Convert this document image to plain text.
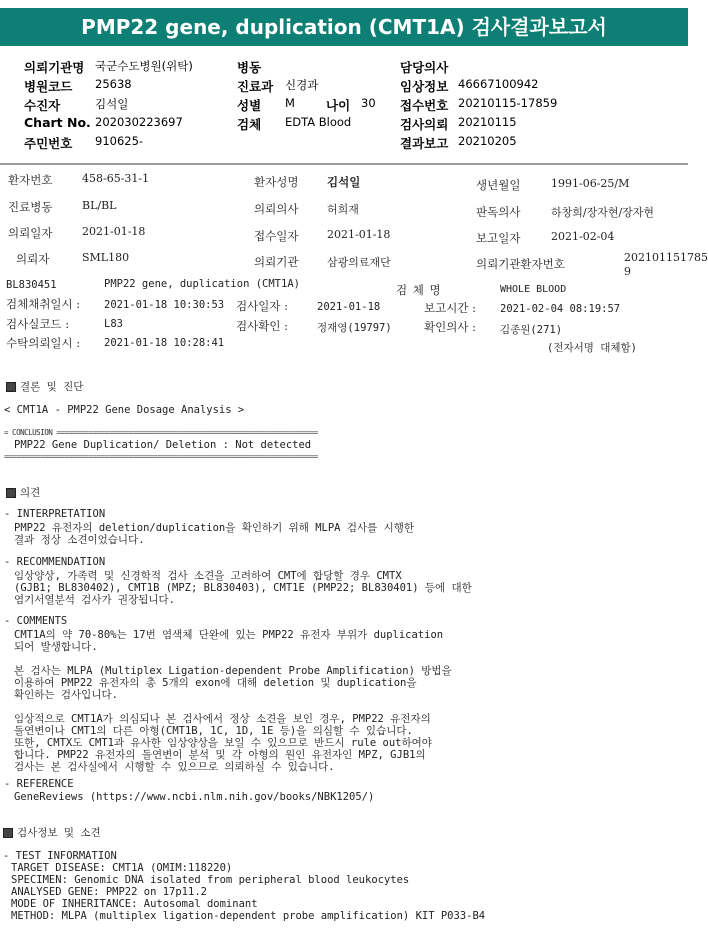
PMP22 gene, duplication (CMT1A) 검사결과보고서
의뢰기관명 국군수도병원(위탁)
병원코드 25638
수진자	김석일
Chart No. 202030223697
주민번호 910625-
병동
진료과 신경과
성별 M 나이 30
검체 EDTA Blood
담당의사
임상정보 46667100942
접수번호 20210115-17859
검사의뢰 20210115
결과보고 20210205
환자번호	458-65-31-1	환자성명 김석일	생년월일	1991-06-25/M
진료병동	BL/BL	의뢰의사	허희재	판독의사	하창희/장자현/장자현
의뢰일자	2021-01-18	접수일자	2021-01-18	보고일자	2021-02-04
의뢰자	SML180	의뢰기관	삼광의료재단	의뢰기관환자번호	202101151785
9
BL830451	PMP22 gene, duplication (CMT1A)	검 체 명	WHOLE BLOOD
검체채취일시 : 2021-01-18 10:30:53 검사일자 :	2021-01-18	보고시간 : 2021-02-04 08:19:57
검사실코드 :	L83	검사확인 :	정재영(19797)	확인의사 : 김종원(271)
수탁의뢰일시 : 2021-01-18 10:28:41	(전자서명 대체함)
결론 및 진단
< CMT1A - PMP22 Gene Dosage Analysis >
= CONCLUSION =================================================================
PMP22 Gene Duplication/ Deletion : Not detected
==============================================================================
의견
- INTERPRETATION
PMP22 유전자의 deletion/duplication을 확인하기 위해 MLPA 검사를 시행한
결과 정상 소견이었습니다.
- RECOMMENDATION
임상양상, 가족력 및 신경학적 검사 소견을 고려하여 CMT에 합당할 경우 CMTX
(GJB1; BL830402), CMT1B (MPZ; BL830403), CMT1E (PMP22; BL830401) 등에 대한
염기서열분석 검사가 권장됩니다.
- COMMENTS
CMT1A의 약 70-80%는 17번 염색체 단완에 있는 PMP22 유전자 부위가 duplication
되어 발생합니다.
본 검사는 MLPA (Multiplex Ligation-dependent Probe Amplification) 방법을
이용하여 PMP22 유전자의 총 5개의 exon에 대해 deletion 및 duplication을
확인하는 검사입니다.
임상적으로 CMT1A가 의심되나 본 검사에서 정상 소견을 보인 경우, PMP22 유전자의
돌연변이나 CMT1의 다른 아형(CMT1B, 1C, 1D, 1E 등)을 의심할 수 있습니다.
또한, CMTX도 CMT1과 유사한 임상양상을 보일 수 있으므로 반드시 rule out하여야
합니다. PMP22 유전자의 돌연변이 분석 및 각 아형의 원인 유전자인 MPZ, GJB1의
검사는 본 검사실에서 시행할 수 있으므로 의뢰하실 수 있습니다.
- REFERENCE
GeneReviews (https://www.ncbi.nlm.nih.gov/books/NBK1205/)
검사정보 및 소견
- TEST INFORMATION
TARGET DISEASE: CMT1A (OMIM:118220)
SPECIMEN: Genomic DNA isolated from peripheral blood leukocytes
ANALYSED GENE: PMP22 on 17p11.2
MODE OF INHERITANCE: Autosomal dominant
METHOD: MLPA (multiplex ligation-dependent probe amplification) KIT P033-B4
